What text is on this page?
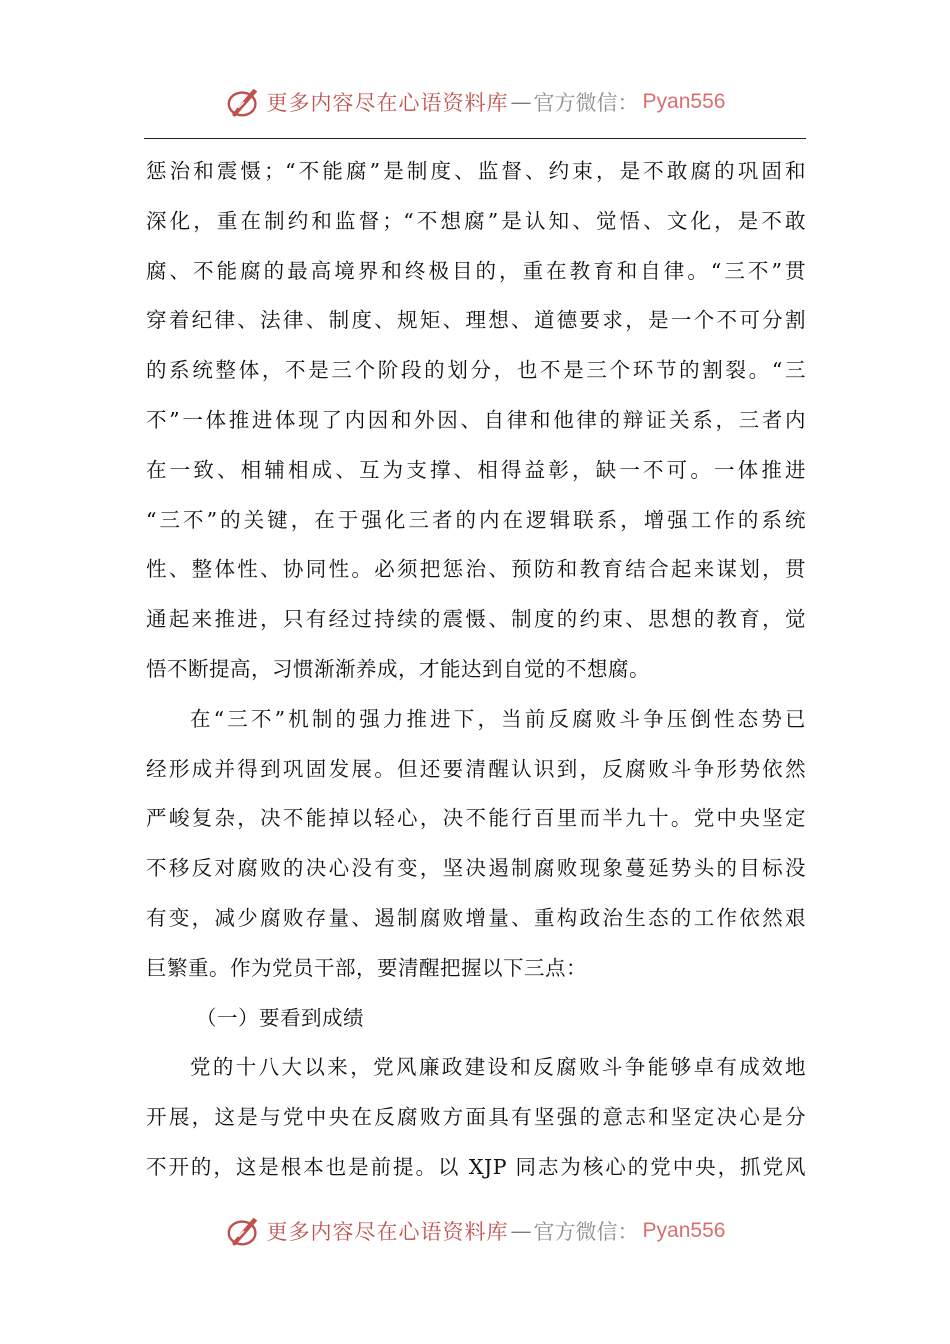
更多内容尽在心语资料库 — 官方微信： Pyan556
惩治和震慑；“不能腐”是制度、监督、约束，是不敢腐的巩固和
深化，重在制约和监督；“不想腐”是认知、觉悟、文化，是不敢
腐、不能腐的最高境界和终极目的，重在教育和自律。“三不”贯
穿着纪律、法律、制度、规矩、理想、道德要求，是一个不可分割
的系统整体，不是三个阶段的划分，也不是三个环节的割裂。“三
不”一体推进体现了内因和外因、自律和他律的辩证关系，三者内
在一致、相辅相成、互为支撑、相得益彰，缺一不可。一体推进
“三不”的关键，在于强化三者的内在逻辑联系，增强工作的系统
性、整体性、协同性。必须把惩治、预防和教育结合起来谋划，贯
通起来推进，只有经过持续的震慑、制度的约束、思想的教育，觉
悟不断提高，习惯渐渐养成，才能达到自觉的不想腐。
在“三不”机制的强力推进下，当前反腐败斗争压倒性态势已
经形成并得到巩固发展。但还要清醒认识到，反腐败斗争形势依然
严峻复杂，决不能掉以轻心，决不能行百里而半九十。党中央坚定
不移反对腐败的决心没有变，坚决遏制腐败现象蔓延势头的目标没
有变，减少腐败存量、遏制腐败增量、重构政治生态的工作依然艰
巨繁重。作为党员干部，要清醒把握以下三点：
（一）要看到成绩
党的十八大以来，党风廉政建设和反腐败斗争能够卓有成效地
开展，这是与党中央在反腐败方面具有坚强的意志和坚定决心是分
不开的，这是根本也是前提。以 XJP 同志为核心的党中央，抓党风
更多内容尽在心语资料库 — 官方微信： Pyan556
